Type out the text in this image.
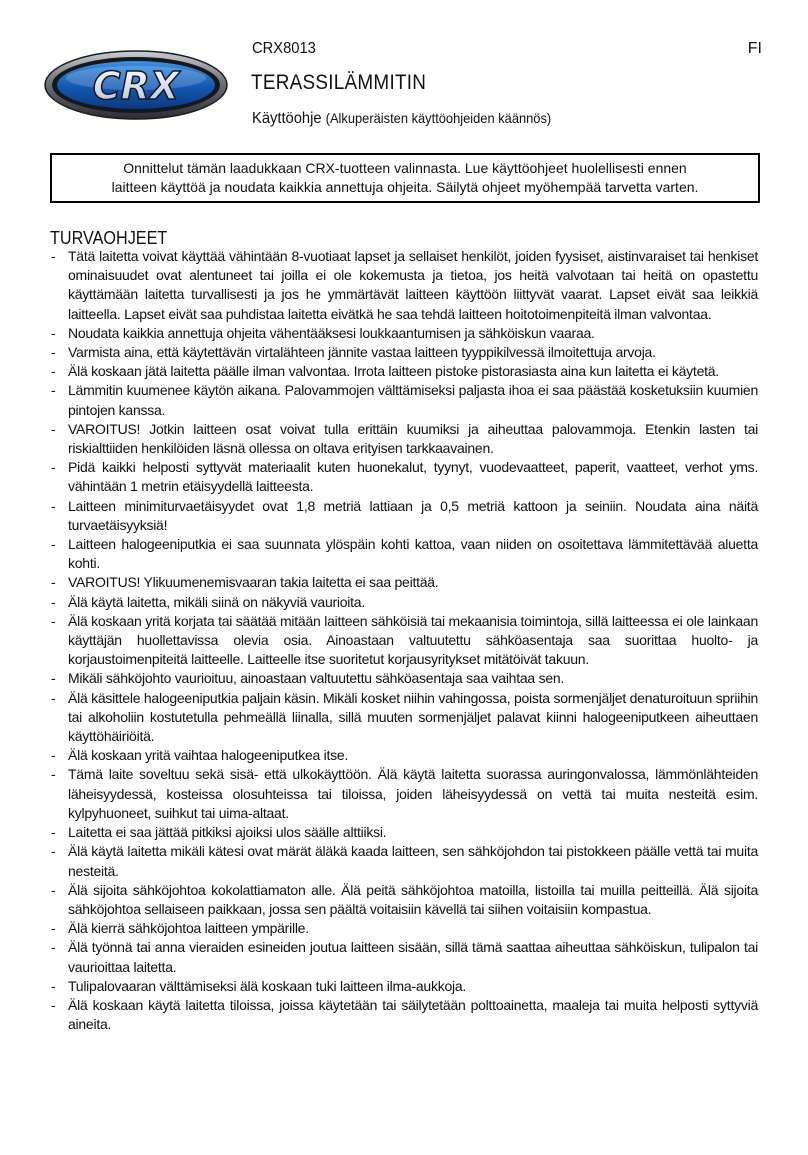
CRX
CRX8013	FI
TERASSILÄMMITIN
Käyttöohje (Alkuperäisten käyttöohjeiden käännös)
Onnittelut tämän laadukkaan CRX-tuotteen valinnasta. Lue käyttöohjeet huolellisesti ennen
laitteen käyttöä ja noudata kaikkia annettuja ohjeita. Säilytä ohjeet myöhempää tarvetta varten.
TURVAOHJEET
- Tätä laitetta voivat käyttää vähintään 8-vuotiaat lapset ja sellaiset henkilöt, joiden fyysiset, aistinvaraiset tai henkiset ominaisuudet ovat alentuneet tai joilla ei ole kokemusta ja tietoa, jos heitä valvotaan tai heitä on opastettu käyttämään laitetta turvallisesti ja jos he ymmärtävät laitteen käyttöön liittyvät vaarat. Lapset eivät saa leikkiä laitteella. Lapset eivät saa puhdistaa laitetta eivätkä he saa tehdä laitteen hoitotoimenpiteitä ilman valvontaa.
- Noudata kaikkia annettuja ohjeita vähentääksesi loukkaantumisen ja sähköiskun vaaraa.
- Varmista aina, että käytettävän virtalähteen jännite vastaa laitteen tyyppikilvessä ilmoitettuja arvoja.
- Älä koskaan jätä laitetta päälle ilman valvontaa. Irrota laitteen pistoke pistorasiasta aina kun laitetta ei käytetä.
- Lämmitin kuumenee käytön aikana. Palovammojen välttämiseksi paljasta ihoa ei saa päästää kosketuksiin kuumien pintojen kanssa.
- VAROITUS! Jotkin laitteen osat voivat tulla erittäin kuumiksi ja aiheuttaa palovammoja. Etenkin lasten tai riskialttiiden henkilöiden läsnä ollessa on oltava erityisen tarkkaavainen.
- Pidä kaikki helposti syttyvät materiaalit kuten huonekalut, tyynyt, vuodevaatteet, paperit, vaatteet, verhot yms. vähintään 1 metrin etäisyydellä laitteesta.
- Laitteen minimiturvaetäisyydet ovat 1,8 metriä lattiaan ja 0,5 metriä kattoon ja seiniin. Noudata aina näitä turvaetäisyyksiä!
- Laitteen halogeeniputkia ei saa suunnata ylöspäin kohti kattoa, vaan niiden on osoitettava lämmitettävää aluetta kohti.
- VAROITUS! Ylikuumenemisvaaran takia laitetta ei saa peittää.
- Älä käytä laitetta, mikäli siinä on näkyviä vaurioita.
- Älä koskaan yritä korjata tai säätää mitään laitteen sähköisiä tai mekaanisia toimintoja, sillä laitteessa ei ole lainkaan käyttäjän huollettavissa olevia osia. Ainoastaan valtuutettu sähköasentaja saa suorittaa huolto- ja korjaustoimenpiteitä laitteelle. Laitteelle itse suoritetut korjausyritykset mitätöivät takuun.
- Mikäli sähköjohto vaurioituu, ainoastaan valtuutettu sähköasentaja saa vaihtaa sen.
- Älä käsittele halogeeniputkia paljain käsin. Mikäli kosket niihin vahingossa, poista sormenjäljet denaturoituun spriihin tai alkoholiin kostutetulla pehmeällä liinalla, sillä muuten sormenjäljet palavat kiinni halogeeniputkeen aiheuttaen käyttöhäiriöitä.
- Älä koskaan yritä vaihtaa halogeeniputkea itse.
- Tämä laite soveltuu sekä sisä- että ulkokäyttöön. Älä käytä laitetta suorassa auringonvalossa, lämmönlähteiden läheisyydessä, kosteissa olosuhteissa tai tiloissa, joiden läheisyydessä on vettä tai muita nesteitä esim. kylpyhuoneet, suihkut tai uima-altaat.
- Laitetta ei saa jättää pitkiksi ajoiksi ulos säälle alttiiksi.
- Älä käytä laitetta mikäli kätesi ovat märät äläkä kaada laitteen, sen sähköjohdon tai pistokkeen päälle vettä tai muita nesteitä.
- Älä sijoita sähköjohtoa kokolattiamaton alle. Älä peitä sähköjohtoa matoilla, listoilla tai muilla peitteillä. Älä sijoita sähköjohtoa sellaiseen paikkaan, jossa sen päältä voitaisiin kävellä tai siihen voitaisiin kompastua.
- Älä kierrä sähköjohtoa laitteen ympärille.
- Älä työnnä tai anna vieraiden esineiden joutua laitteen sisään, sillä tämä saattaa aiheuttaa sähköiskun, tulipalon tai vaurioittaa laitetta.
- Tulipalovaaran välttämiseksi älä koskaan tuki laitteen ilma-aukkoja.
- Älä koskaan käytä laitetta tiloissa, joissa käytetään tai säilytetään polttoainetta, maaleja tai muita helposti syttyviä aineita.
